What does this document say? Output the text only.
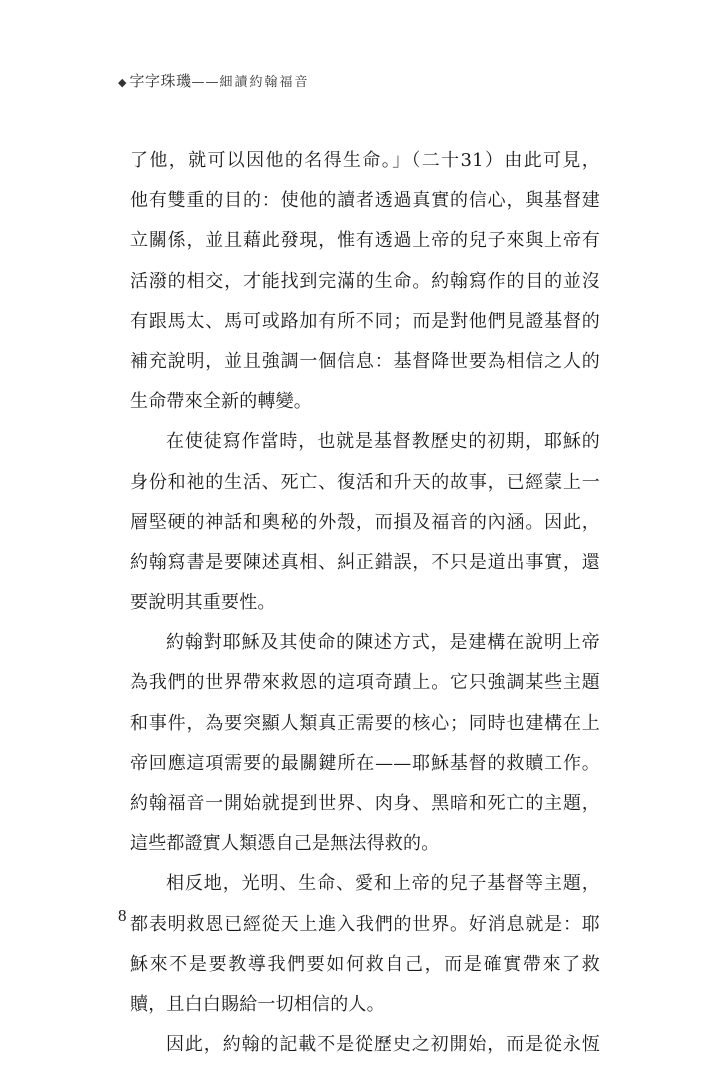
◆ 字字珠璣——細讀約翰福音
了他，就可以因他的名得生命。」（二十31）由此可見，
他有雙重的目的：使他的讀者透過真實的信心，與基督建
立關係，並且藉此發現，惟有透過上帝的兒子來與上帝有
活潑的相交，才能找到完滿的生命。約翰寫作的目的並沒
有跟馬太、馬可或路加有所不同；而是對他們見證基督的
補充說明，並且強調一個信息：基督降世要為相信之人的
生命帶來全新的轉變。
在使徒寫作當時，也就是基督教歷史的初期，耶穌的
身份和祂的生活、死亡、復活和升天的故事，已經蒙上一
層堅硬的神話和奧秘的外殼，而損及福音的內涵。因此，
約翰寫書是要陳述真相、糾正錯誤，不只是道出事實，還
要說明其重要性。
約翰對耶穌及其使命的陳述方式，是建構在說明上帝
為我們的世界帶來救恩的這項奇蹟上。它只強調某些主題
和事件，為要突顯人類真正需要的核心；同時也建構在上
帝回應這項需要的最關鍵所在——耶穌基督的救贖工作。
約翰福音一開始就提到世界、肉身、黑暗和死亡的主題，
這些都證實人類憑自己是無法得救的。
相反地，光明、生命、愛和上帝的兒子基督等主題，
都表明救恩已經從天上進入我們的世界。好消息就是：耶
穌來不是要教導我們要如何救自己，而是確實帶來了救
贖，且白白賜給一切相信的人。
因此，約翰的記載不是從歷史之初開始，而是從永恆
8
